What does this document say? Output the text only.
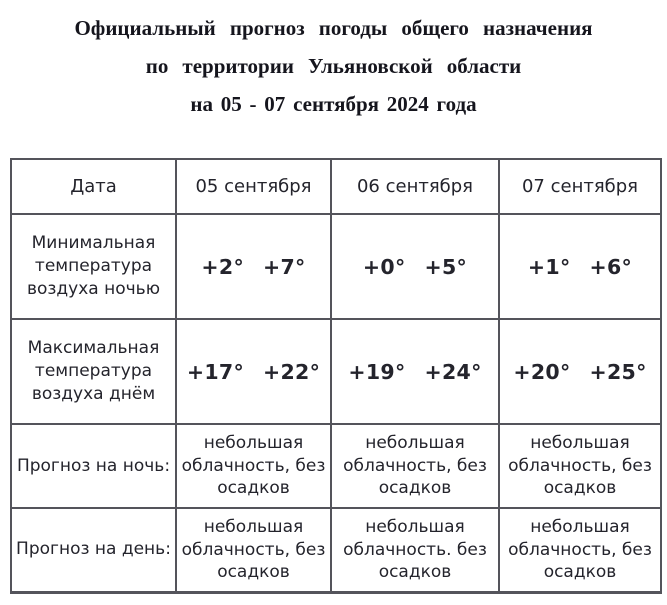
Официальный прогноз погоды общего назначения
по территории Ульяновской области
на 05 - 07 сентября 2024 года
Дата	05 сентября	06 сентября	07 сентября
Минимальная температура воздуха ночью	+2° +7°	+0° +5°	+1° +6°

Максимальная температура воздуха днём	+17° +22°	+19° +24°	+20° +25°

Прогноз на ночь:	небольшая облачность, без осадков	небольшая облачность, без осадков	небольшая облачность, без осадков
Прогноз на день:	небольшая облачность, без осадков	небольшая облачность. без осадков	небольшая облачность, без осадков
